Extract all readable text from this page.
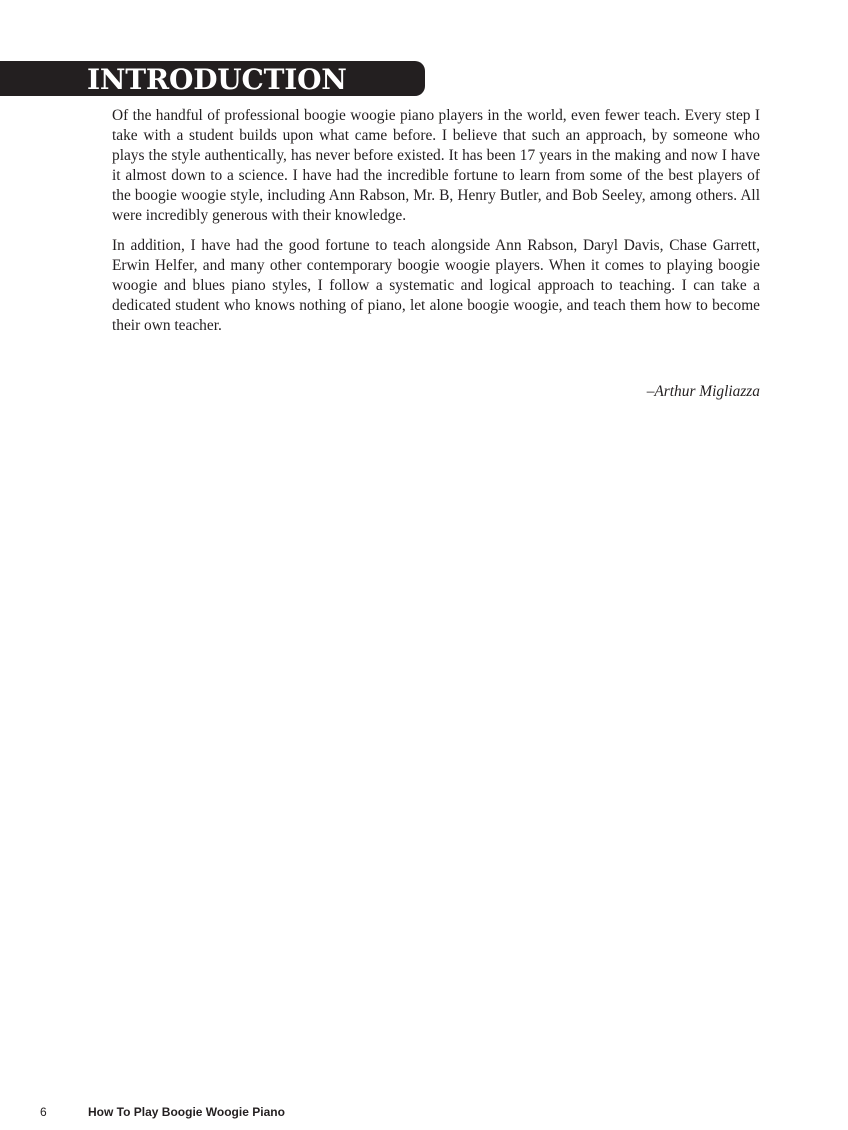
INTRODUCTION

Of the handful of professional boogie woogie piano players in the world, even fewer teach. Every step I take with a student builds upon what came before. I believe that such an approach, by someone who plays the style authentically, has never before existed. It has been 17 years in the making and now I have it almost down to a science. I have had the incredible fortune to learn from some of the best players of the boogie woogie style, including Ann Rabson, Mr. B, Henry Butler, and Bob Seeley, among others. All were incredibly generous with their knowledge.

In addition, I have had the good fortune to teach alongside Ann Rabson, Daryl Davis, Chase Garrett, Erwin Helfer, and many other contemporary boogie woogie players. When it comes to playing boogie woogie and blues piano styles, I follow a systematic and logical approach to teaching. I can take a dedicated student who knows nothing of piano, let alone boogie woogie, and teach them how to become their own teacher.

–Arthur Migliazza
6	How To Play Boogie Woogie Piano
